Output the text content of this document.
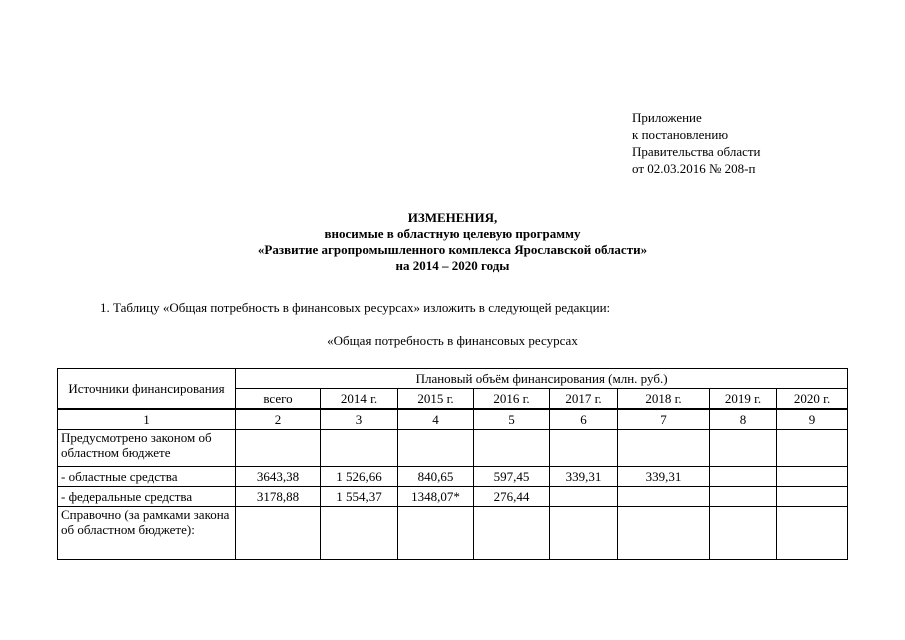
Приложение
к постановлению
Правительства области
от 02.03.2016 № 208-п
ИЗМЕНЕНИЯ,
вносимые в областную целевую программу
«Развитие агропромышленного комплекса Ярославской области»
на 2014 – 2020 годы
1. Таблицу «Общая потребность в финансовых ресурсах» изложить в следующей редакции:
«Общая потребность в финансовых ресурсах
Источники финансирования	Плановый объём финансирования (млн. руб.)							
	всего	2014 г.	2015 г.	2016 г.	2017 г.	2018 г.	2019 г.	2020 г.

1	2	3	4	5	6	7	8	9
Предусмотрено законом об областном бюджете								
- областные средства	3643,38	1 526,66	840,65	597,45	339,31	339,31		
- федеральные средства	3178,88	1 554,37	1348,07*	276,44				
Справочно (за рамками закона об областном бюджете):								
